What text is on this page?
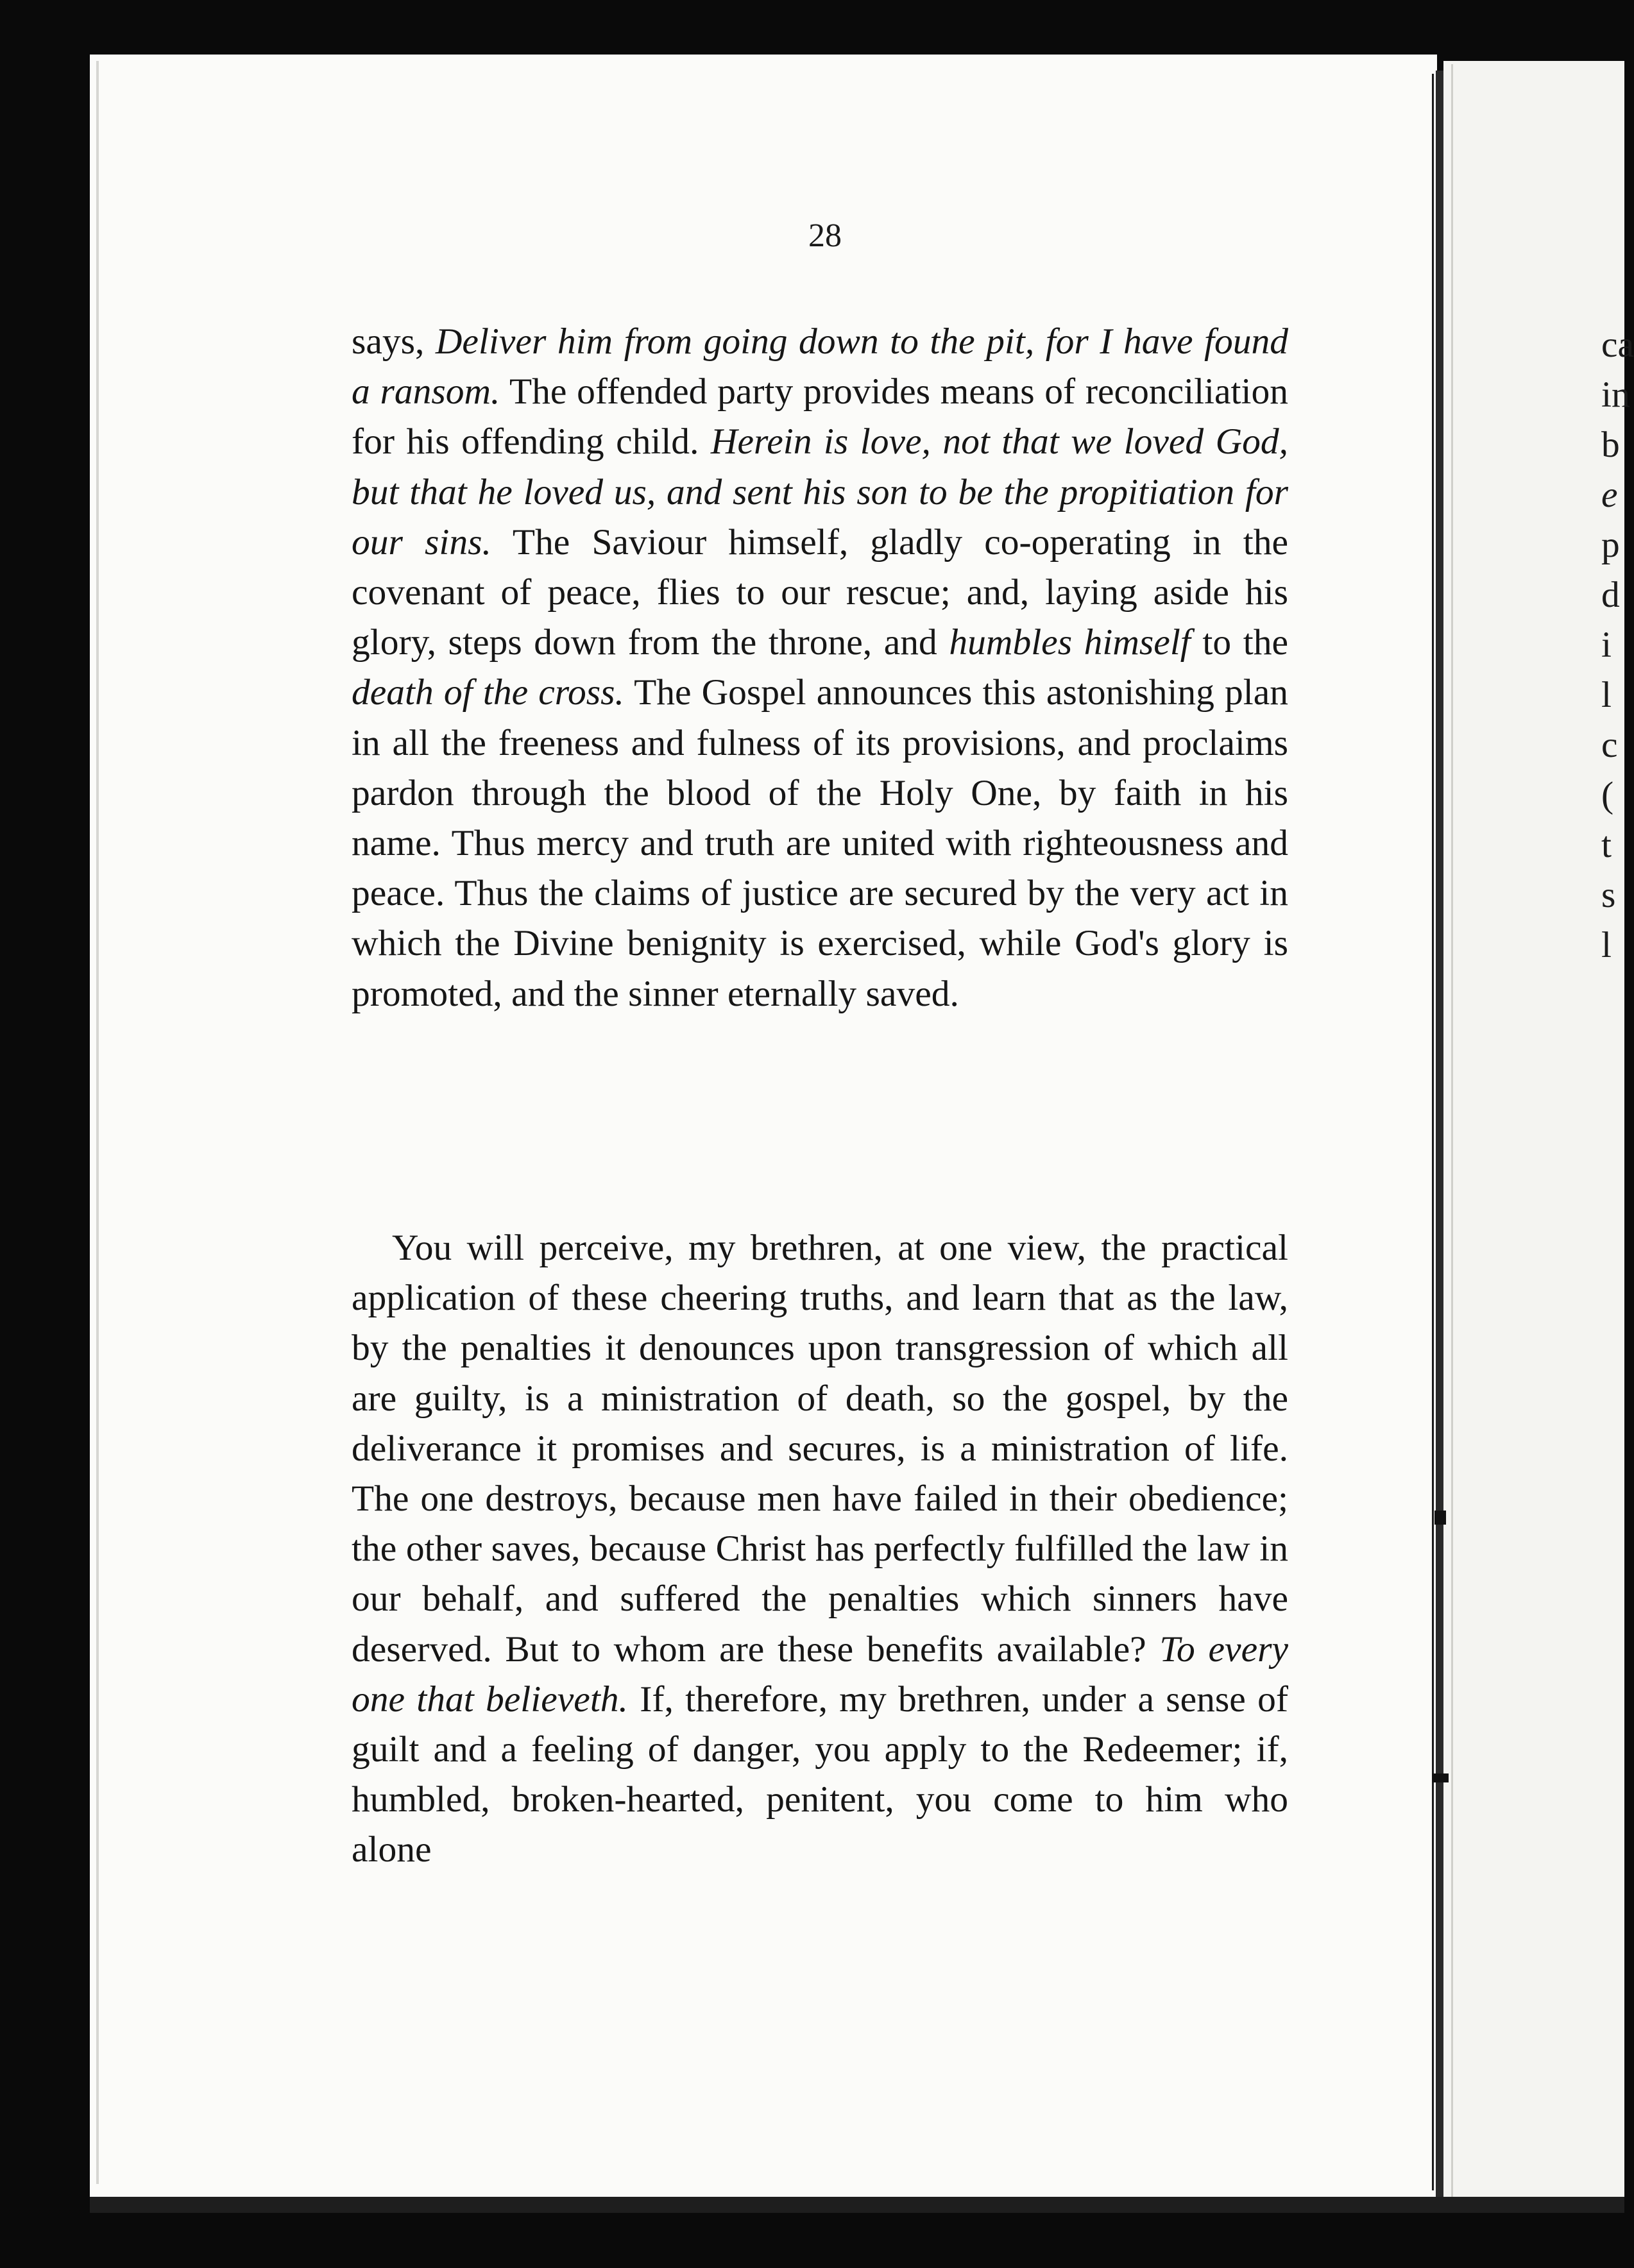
28

says, Deliver him from going down to the pit, for I have found a ransom. The offended party provides means of reconciliation for his offending child. Herein is love, not that we loved God, but that he loved us, and sent his son to be the propitiation for our sins. The Saviour himself, gladly co-operating in the covenant of peace, flies to our rescue; and, laying aside his glory, steps down from the throne, and humbles himself to the death of the cross. The Gospel announces this astonishing plan in all the freeness and fulness of its provisions, and proclaims pardon through the blood of the Holy One, by faith in his name. Thus mercy and truth are united with righteousness and peace. Thus the claims of justice are secured by the very act in which the Divine benignity is exercised, while God's glory is promoted, and the sinner eternally saved.

You will perceive, my brethren, at one view, the practical application of these cheering truths, and learn that as the law, by the penalties it denounces upon transgression of which all are guilty, is a ministration of death, so the gospel, by the deliverance it promises and secures, is a ministration of life. The one destroys, because men have failed in their obedience; the other saves, because Christ has perfectly fulfilled the law in our behalf, and suffered the penalties which sinners have deserved. But to whom are these benefits available? To every one that believeth. If, therefore, my brethren, under a sense of guilt and a feeling of danger, you apply to the Redeemer; if, humbled, broken-hearted, penitent, you come to him who alone

ca
in
b
e
p
d
i
l
c
(
t
s
l
